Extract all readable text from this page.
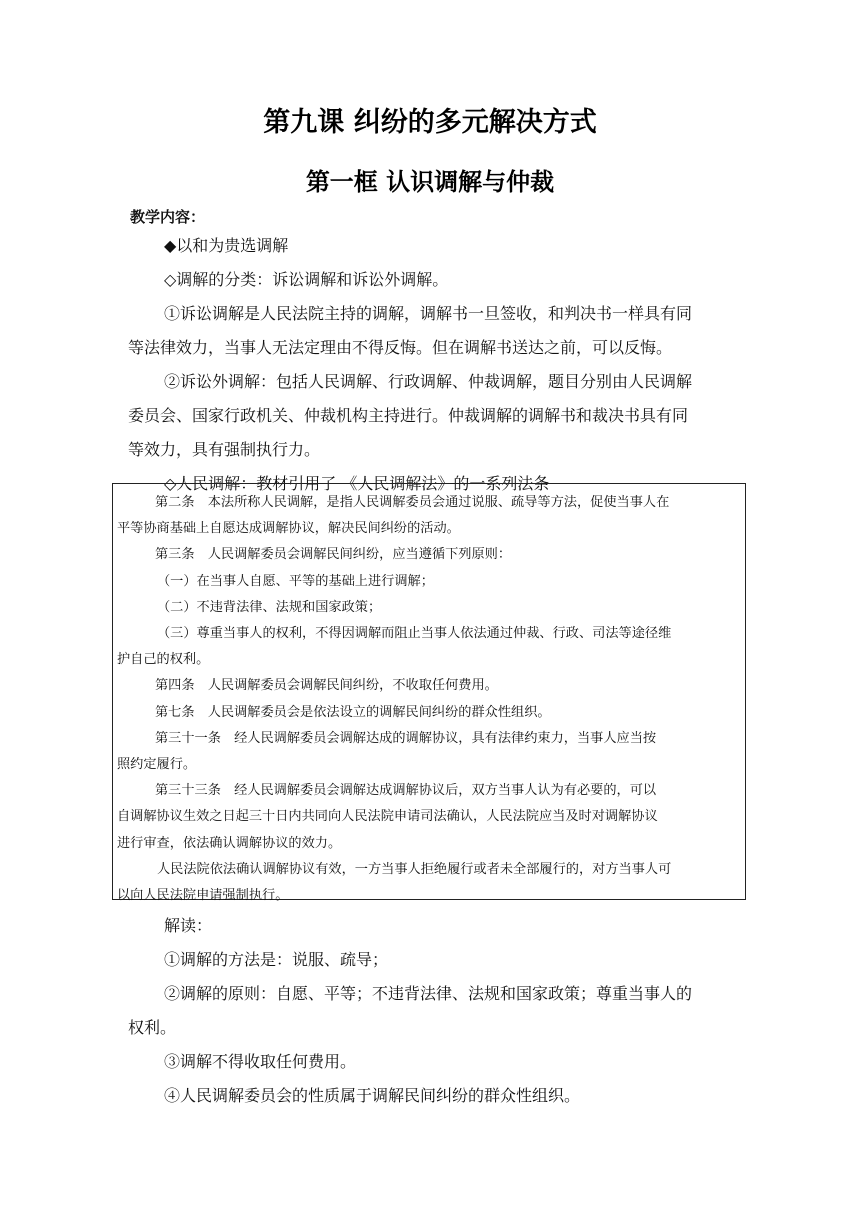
第九课 纠纷的多元解决方式
第一框 认识调解与仲裁
教学内容：
◆以和为贵选调解
◇调解的分类：诉讼调解和诉讼外调解。
①诉讼调解是人民法院主持的调解，调解书一旦签收，和判决书一样具有同
等法律效力，当事人无法定理由不得反悔。但在调解书送达之前，可以反悔。
②诉讼外调解：包括人民调解、行政调解、仲裁调解，题目分别由人民调解
委员会、国家行政机关、仲裁机构主持进行。仲裁调解的调解书和裁决书具有同
等效力，具有强制执行力。
◇人民调解：教材引用了 《人民调解法》的一系列法条
第二条　本法所称人民调解，是指人民调解委员会通过说服、疏导等方法，促使当事人在
平等协商基础上自愿达成调解协议，解决民间纠纷的活动。
第三条　人民调解委员会调解民间纠纷，应当遵循下列原则：
（一）在当事人自愿、平等的基础上进行调解；
（二）不违背法律、法规和国家政策；
（三）尊重当事人的权利，不得因调解而阻止当事人依法通过仲裁、行政、司法等途径维
护自己的权利。
第四条　人民调解委员会调解民间纠纷，不收取任何费用。
第七条　人民调解委员会是依法设立的调解民间纠纷的群众性组织。
第三十一条　经人民调解委员会调解达成的调解协议，具有法律约束力，当事人应当按
照约定履行。
第三十三条　经人民调解委员会调解达成调解协议后，双方当事人认为有必要的，可以
自调解协议生效之日起三十日内共同向人民法院申请司法确认，人民法院应当及时对调解协议
进行审查，依法确认调解协议的效力。
人民法院依法确认调解协议有效，一方当事人拒绝履行或者未全部履行的，对方当事人可
以向人民法院申请强制执行。
解读：
①调解的方法是：说服、疏导；
②调解的原则：自愿、平等；不违背法律、法规和国家政策；尊重当事人的
权利。
③调解不得收取任何费用。
④人民调解委员会的性质属于调解民间纠纷的群众性组织。
